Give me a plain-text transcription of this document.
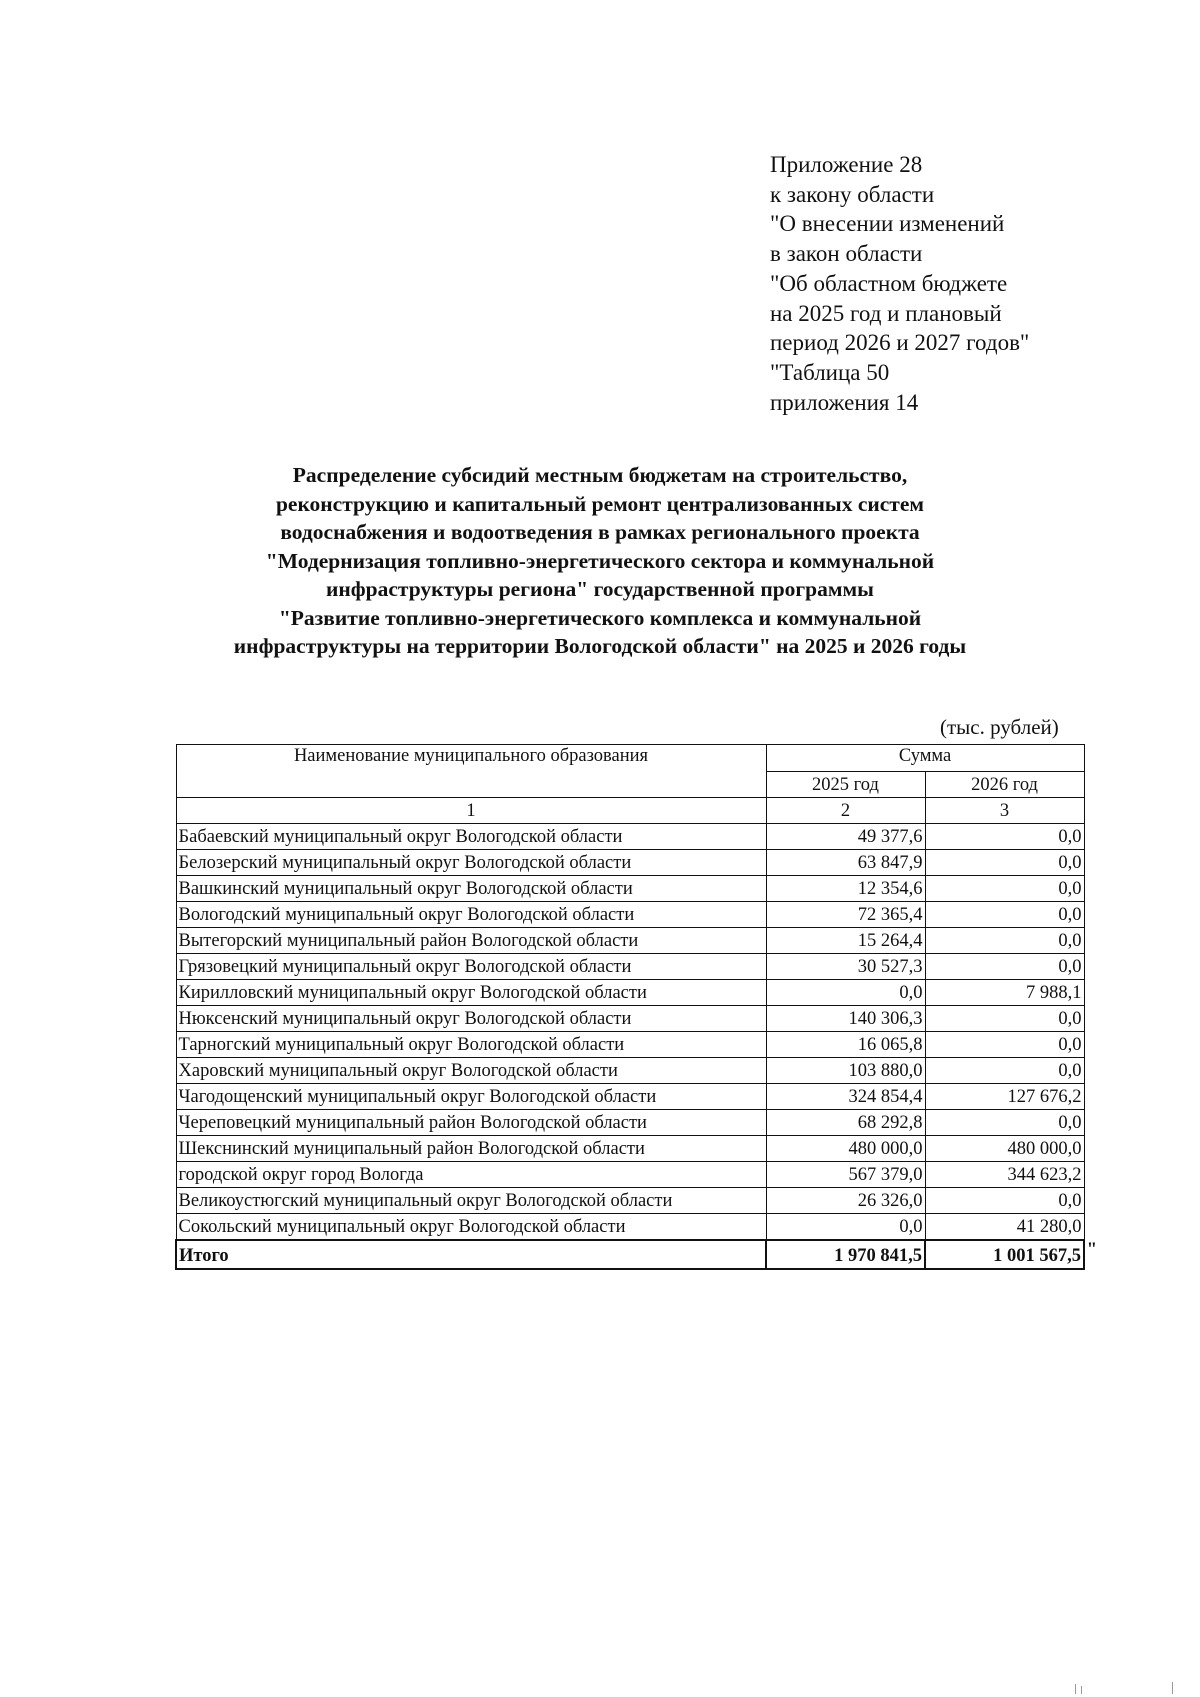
Приложение 28
к закону области
"О внесении изменений
в закон области
"Об областном бюджете
на 2025 год и плановый
период 2026 и 2027 годов"
"Таблица 50
приложения 14
Распределение субсидий местным бюджетам на строительство,
реконструкцию и капитальный ремонт централизованных систем
водоснабжения и водоотведения в рамках регионального проекта
"Модернизация топливно-энергетического сектора и коммунальной
инфраструктуры региона" государственной программы
"Развитие топливно-энергетического комплекса и коммунальной
инфраструктуры на территории Вологодской области" на 2025 и 2026 годы
(тыс. рублей)
Наименование муниципального образования	Сумма	
	2025 год	2026 год
1	2	3
Бабаевский муниципальный округ Вологодской области	49 377,6	0,0
Белозерский муниципальный округ Вологодской области	63 847,9	0,0
Вашкинский муниципальный округ Вологодской области	12 354,6	0,0
Вологодский муниципальный округ Вологодской области	72 365,4	0,0
Вытегорский муниципальный район Вологодской области	15 264,4	0,0
Грязовецкий муниципальный округ Вологодской области	30 527,3	0,0
Кирилловский муниципальный округ Вологодской области	0,0	7 988,1
Нюксенский муниципальный округ Вологодской области	140 306,3	0,0
Тарногский муниципальный округ Вологодской области	16 065,8	0,0
Харовский муниципальный округ Вологодской области	103 880,0	0,0
Чагодощенский муниципальный округ Вологодской области	324 854,4	127 676,2
Череповецкий муниципальный район Вологодской области	68 292,8	0,0
Шекснинский муниципальный район Вологодской области	480 000,0	480 000,0
городской округ город Вологда	567 379,0	344 623,2
Великоустюгский муниципальный округ Вологодской области	26 326,0	0,0
Сокольский муниципальный округ Вологодской области	0,0	41 280,0
Итого	1 970 841,5	1 001 567,5 "
